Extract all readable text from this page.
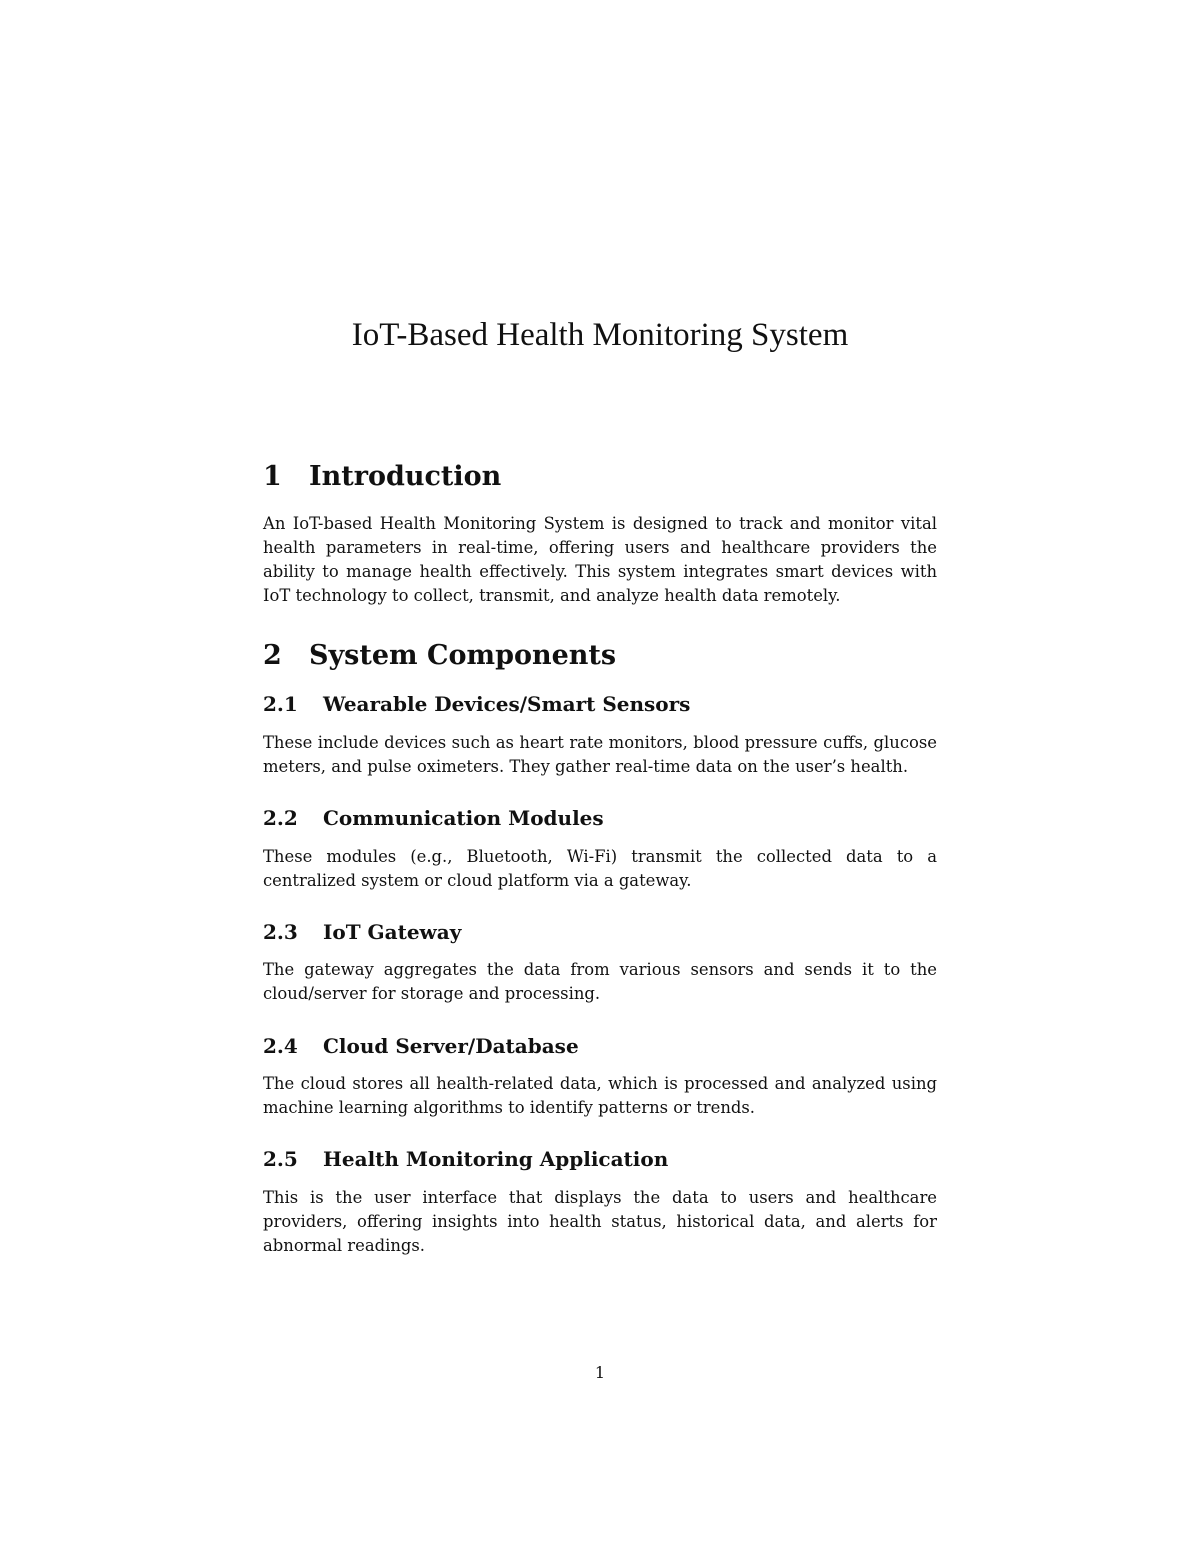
IoT-Based Health Monitoring System
1 Introduction

An IoT-based Health Monitoring System is designed to track and monitor vital health parameters in real-time, offering users and healthcare providers the ability to manage health effectively. This system integrates smart devices with IoT technology to collect, transmit, and analyze health data remotely.

2 System Components
2.1 Wearable Devices/Smart Sensors

These include devices such as heart rate monitors, blood pressure cuffs, glucose meters, and pulse oximeters. They gather real-time data on the user’s health.

2.2 Communication Modules

These modules (e.g., Bluetooth, Wi-Fi) transmit the collected data to a centralized system or cloud platform via a gateway.

2.3 IoT Gateway

The gateway aggregates the data from various sensors and sends it to the cloud/server for storage and processing.

2.4 Cloud Server/Database

The cloud stores all health-related data, which is processed and analyzed using machine learning algorithms to identify patterns or trends.

2.5 Health Monitoring Application

This is the user interface that displays the data to users and healthcare providers, offering insights into health status, historical data, and alerts for abnormal readings.

1
